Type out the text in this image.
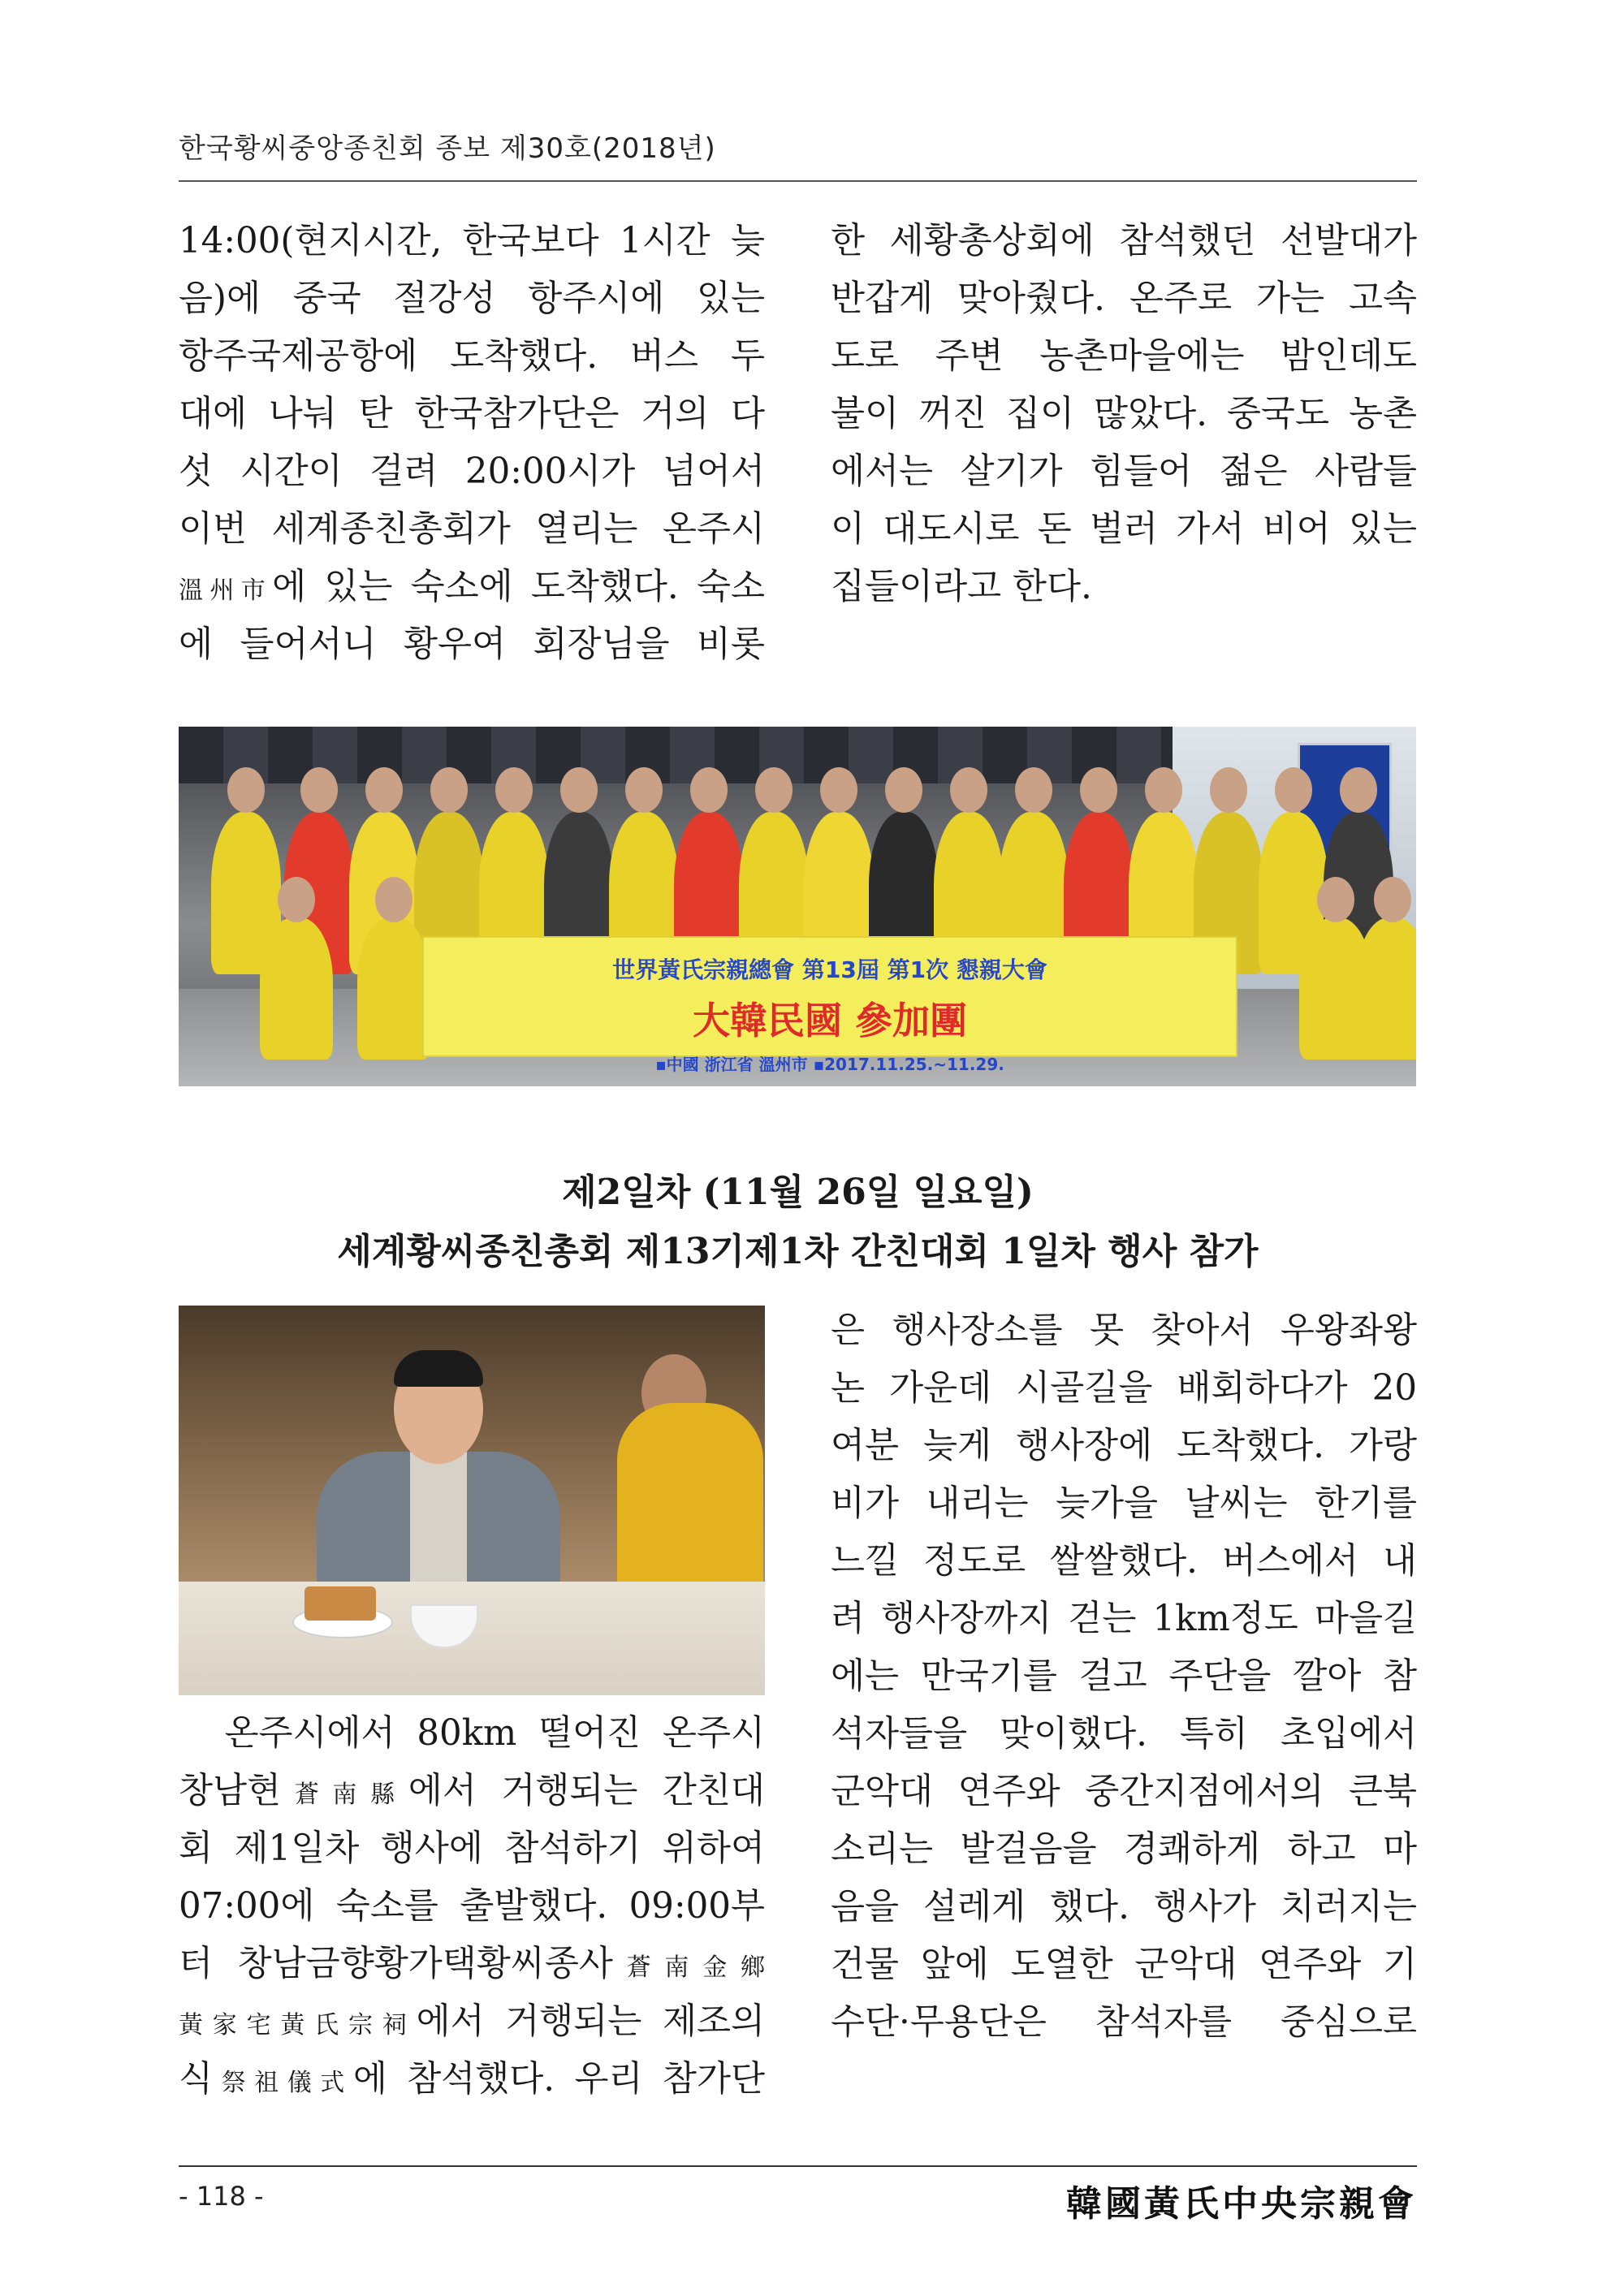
한국황씨중앙종친회 종보 제30호(2018년)
14:00(현지시간, 한국보다 1시간 늦
음)에 중국 절강성 항주시에 있는
항주국제공항에 도착했다. 버스 두
대에 나눠 탄 한국참가단은 거의 다
섯 시간이 걸려 20:00시가 넘어서
이번 세계종친총회가 열리는 온주시
溫州市에 있는 숙소에 도착했다. 숙소
에 들어서니 황우여 회장님을 비롯
한 세황총상회에 참석했던 선발대가
반갑게 맞아줬다. 온주로 가는 고속
도로 주변 농촌마을에는 밤인데도
불이 꺼진 집이 많았다. 중국도 농촌
에서는 살기가 힘들어 젊은 사람들
이 대도시로 돈 벌러 가서 비어 있는
집들이라고 한다.
世界黃氏宗親總會 第13屆 第1次 懇親大會
大韓民國 參加團
▪中國 浙江省 溫州市 ▪2017.11.25.~11.29.
제2일차 (11월 26일 일요일)
세계황씨종친총회 제13기제1차 간친대회 1일차 행사 참가
　온주시에서 80km 떨어진 온주시
창남현蒼南縣에서 거행되는 간친대
회 제1일차 행사에 참석하기 위하여
07:00에 숙소를 출발했다. 09:00부
터 창남금향황가택황씨종사蒼南金鄉
黃家宅黃氏宗祠에서 거행되는 제조의
식祭祖儀式에 참석했다. 우리 참가단
은 행사장소를 못 찾아서 우왕좌왕
논 가운데 시골길을 배회하다가 20
여분 늦게 행사장에 도착했다. 가랑
비가 내리는 늦가을 날씨는 한기를
느낄 정도로 쌀쌀했다. 버스에서 내
려 행사장까지 걷는 1km정도 마을길
에는 만국기를 걸고 주단을 깔아 참
석자들을 맞이했다. 특히 초입에서
군악대 연주와 중간지점에서의 큰북
소리는 발걸음을 경쾌하게 하고 마
음을 설레게 했다. 행사가 치러지는
건물 앞에 도열한 군악대 연주와 기
수단·무용단은 참석자를 중심으로
- 118 -	韓國黃氏中央宗親會
